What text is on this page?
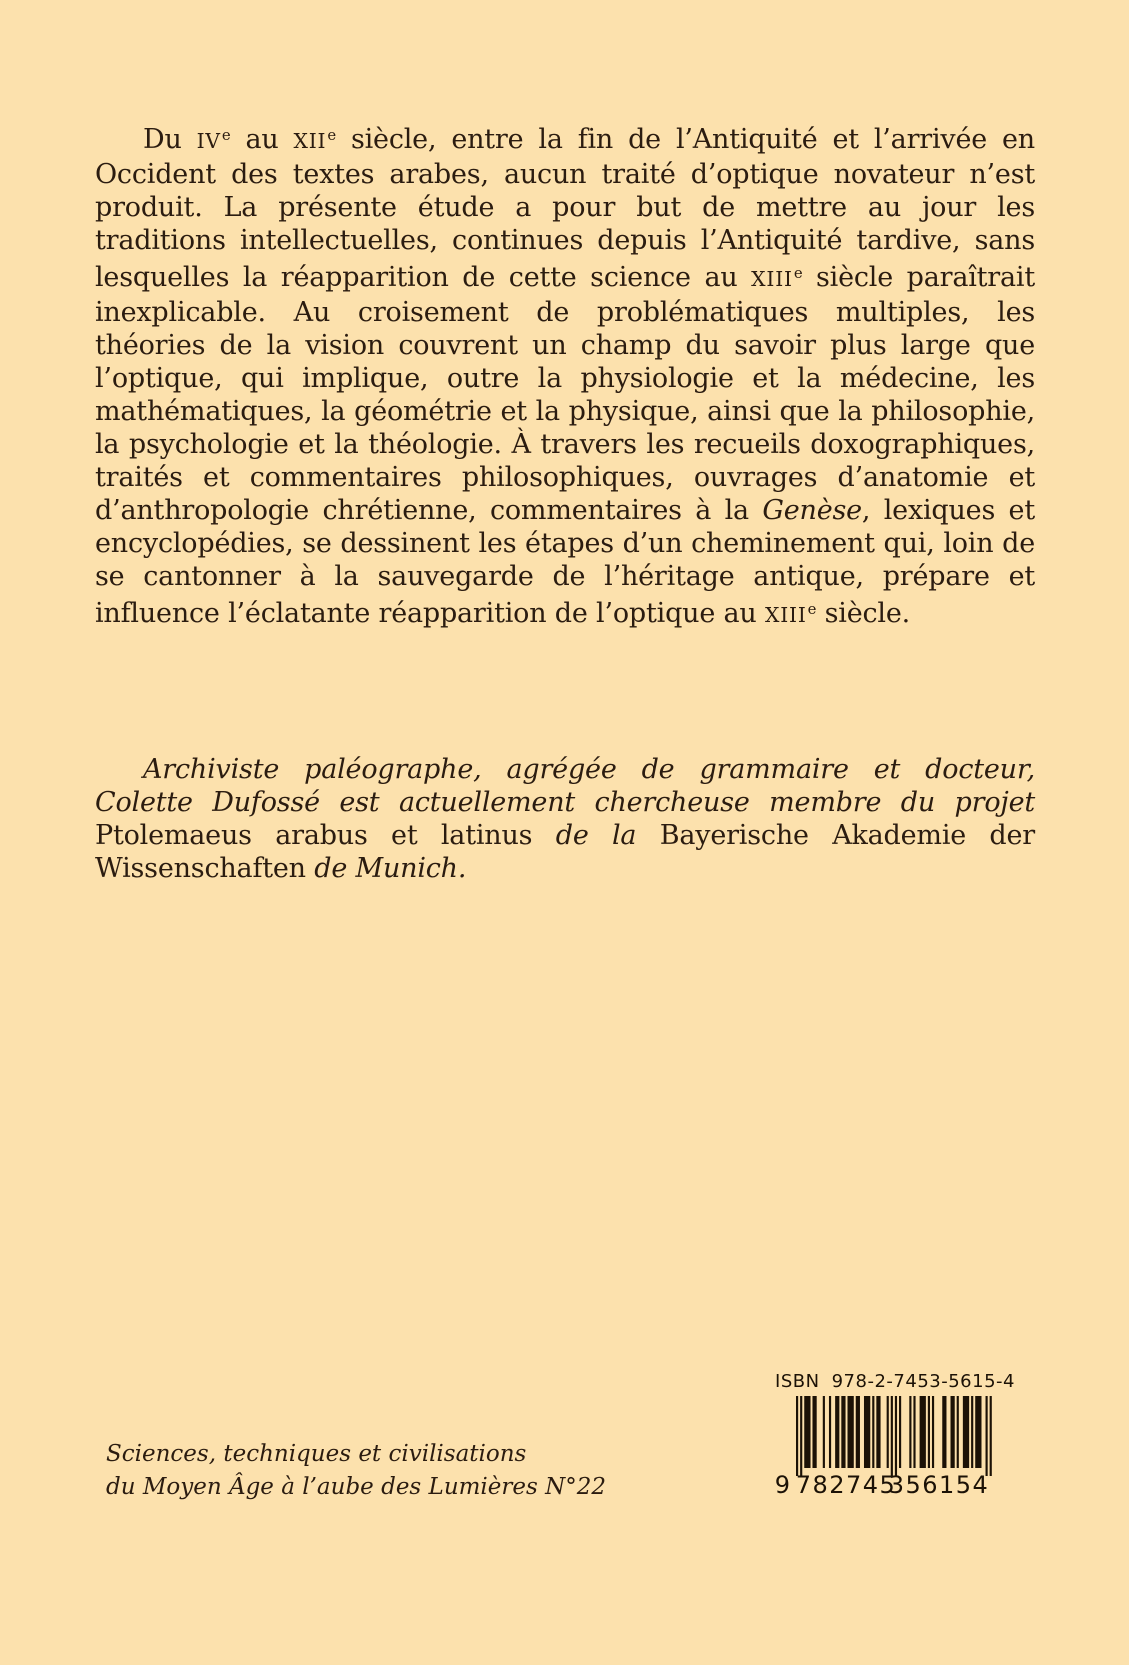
Du IVe au XIIe siècle, entre la fin de l’Antiquité et l’arrivée en Occident des textes arabes, aucun traité d’optique novateur n’est produit. La présente étude a pour but de mettre au jour les traditions intellectuelles, continues depuis l’Antiquité tardive, sans lesquelles la réapparition de cette science au XIIIe siècle paraîtrait inexplicable. Au croisement de problématiques multiples, les théories de la vision couvrent un champ du savoir plus large que l’optique, qui implique, outre la physiologie et la médecine, les mathématiques, la géométrie et la physique, ainsi que la philosophie, la psychologie et la théologie. À travers les recueils doxographiques, traités et commentaires philosophiques, ouvrages d’anatomie et d’anthropologie chrétienne, commentaires à la Genèse, lexiques et encyclopédies, se dessinent les étapes d’un cheminement qui, loin de se cantonner à la sauvegarde de l’héritage antique, prépare et influence l’éclatante réapparition de l’optique au XIIIe siècle.

Archiviste paléographe, agrégée de grammaire et docteur, Colette Dufossé est actuellement chercheuse membre du projet Ptolemaeus arabus et latinus de la Bayerische Akademie der Wissenschaften de Munich.

Sciences, techniques et civilisations
du Moyen Âge à l’aube des Lumières N°22
ISBN 978-2-7453-5615-4
9 782745
356154
